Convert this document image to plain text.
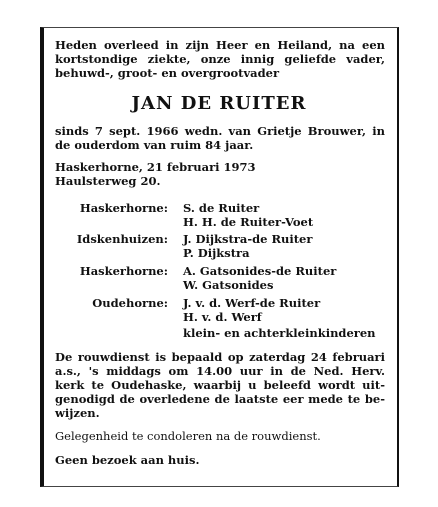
Heden overleed in zijn Heer en Heiland, na een
kortstondige ziekte, onze innig geliefde vader,
behuwd-, groot- en overgrootvader
JAN DE RUITER
sinds 7 sept. 1966 wedn. van Grietje Brouwer, in
de ouderdom van ruim 84 jaar.
Haskerhorne, 21 februari 1973
Haulsterweg 20.
Haskerhorne: S. de Ruiter
H. H. de Ruiter-Voet
Idskenhuizen: J. Dijkstra-de Ruiter
P. Dijkstra
Haskerhorne: A. Gatsonides-de Ruiter
W. Gatsonides
Oudehorne: J. v. d. Werf-de Ruiter
H. v. d. Werf
klein- en achterkleinkinderen
De rouwdienst is bepaald op zaterdag 24 februari
a.s., 's middags om 14.00 uur in de Ned. Herv.
kerk te Oudehaske, waarbij u beleefd wordt uit-
genodigd de overledene de laatste eer mede te be-
wijzen.
Gelegenheid te condoleren na de rouwdienst.
Geen bezoek aan huis.
